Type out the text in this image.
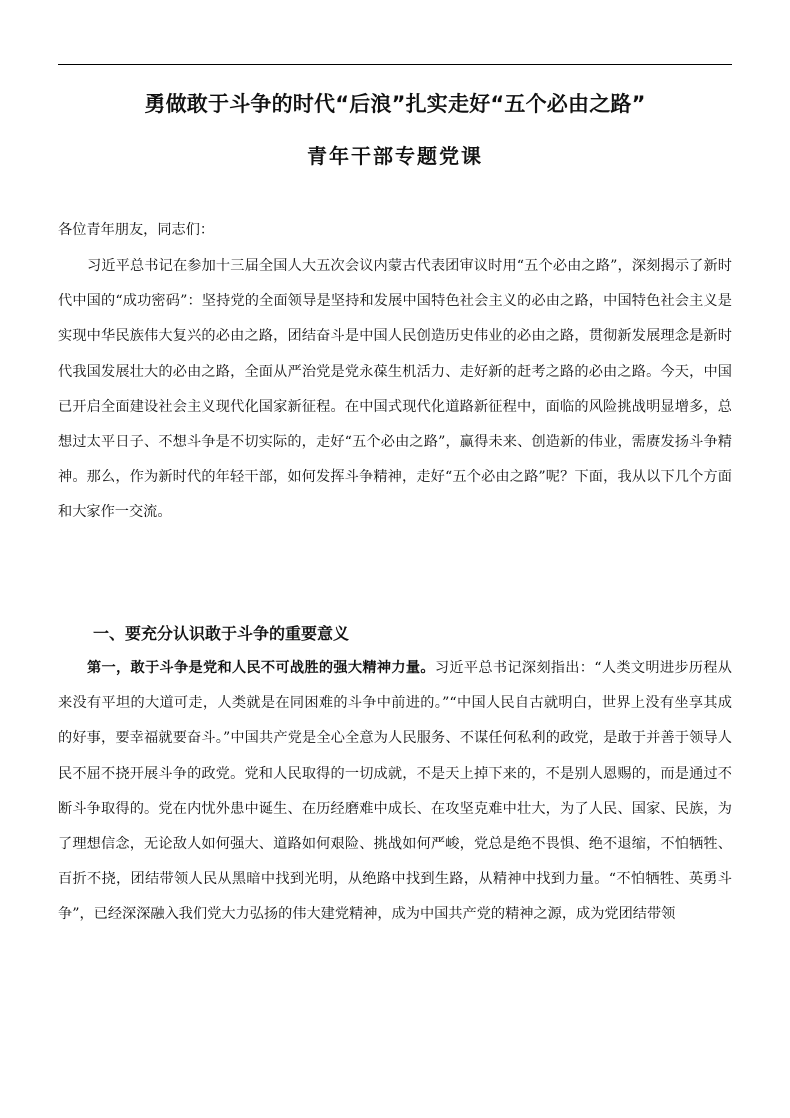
勇做敢于斗争的时代“后浪”扎实走好“五个必由之路”
青年干部专题党课

各位青年朋友，同志们：

习近平总书记在参加十三届全国人大五次会议内蒙古代表团审议时用“五个必由之路”，深刻揭示了新时代中国的“成功密码”：坚持党的全面领导是坚持和发展中国特色社会主义的必由之路，中国特色社会主义是实现中华民族伟大复兴的必由之路，团结奋斗是中国人民创造历史伟业的必由之路，贯彻新发展理念是新时代我国发展壮大的必由之路，全面从严治党是党永葆生机活力、走好新的赶考之路的必由之路。今天，中国已开启全面建设社会主义现代化国家新征程。在中国式现代化道路新征程中，面临的风险挑战明显增多，总想过太平日子、不想斗争是不切实际的，走好“五个必由之路”，赢得未来、创造新的伟业，需赓发扬斗争精神。那么，作为新时代的年轻干部，如何发挥斗争精神，走好“五个必由之路”呢？下面，我从以下几个方面和大家作一交流。

一、要充分认识敢于斗争的重要意义

第一，敢于斗争是党和人民不可战胜的强大精神力量。习近平总书记深刻指出：“人类文明进步历程从来没有平坦的大道可走，人类就是在同困难的斗争中前进的。”“中国人民自古就明白，世界上没有坐享其成的好事，要幸福就要奋斗。”中国共产党是全心全意为人民服务、不谋任何私利的政党，是敢于并善于领导人民不屈不挠开展斗争的政党。党和人民取得的一切成就，不是天上掉下来的，不是别人恩赐的，而是通过不断斗争取得的。党在内忧外患中诞生、在历经磨难中成长、在攻坚克难中壮大，为了人民、国家、民族，为了理想信念，无论敌人如何强大、道路如何艰险、挑战如何严峻，党总是绝不畏惧、绝不退缩，不怕牺牲、百折不挠，团结带领人民从黑暗中找到光明，从绝路中找到生路，从精神中找到力量。“不怕牺牲、英勇斗争”，已经深深融入我们党大力弘扬的伟大建党精神，成为中国共产党的精神之源，成为党团结带领
